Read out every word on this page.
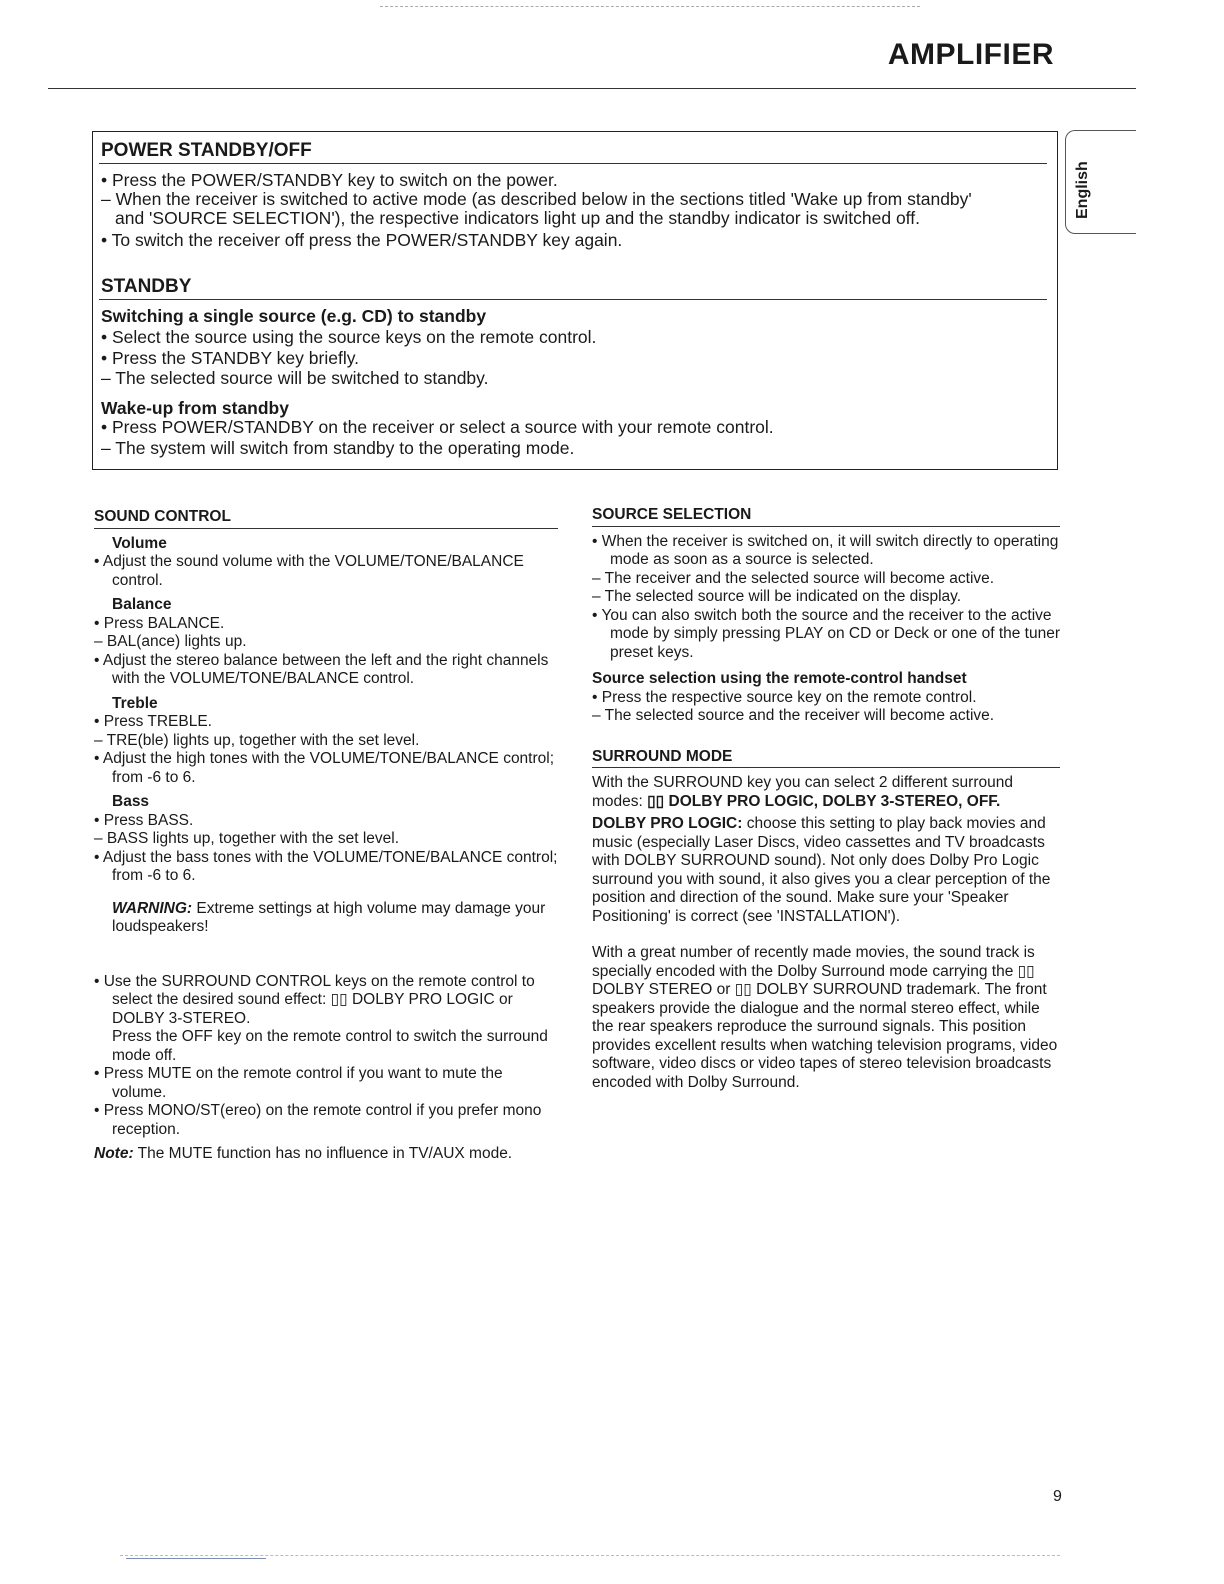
AMPLIFIER
POWER STANDBY/OFF
• Press the POWER/STANDBY key to switch on the power.
– When the receiver is switched to active mode (as described below in the sections titled 'Wake up from standby'
and 'SOURCE SELECTION'), the respective indicators light up and the standby indicator is switched off.
• To switch the receiver off press the POWER/STANDBY key again.
STANDBY
Switching a single source (e.g. CD) to standby
• Select the source using the source keys on the remote control.
• Press the STANDBY key briefly.
– The selected source will be switched to standby.
Wake-up from standby
• Press POWER/STANDBY on the receiver or select a source with your remote control.
– The system will switch from standby to the operating mode.
English
SOUND CONTROL
Volume
• Adjust the sound volume with the VOLUME/TONE/BALANCE control.
Balance
• Press BALANCE.
– BAL(ance) lights up.
• Adjust the stereo balance between the left and the right channels with the VOLUME/TONE/BALANCE control.
Treble
• Press TREBLE.
– TRE(ble) lights up, together with the set level.
• Adjust the high tones with the VOLUME/TONE/BALANCE control; from -6 to 6.
Bass
• Press BASS.
– BASS lights up, together with the set level.
• Adjust the bass tones with the VOLUME/TONE/BALANCE control; from -6 to 6.
WARNING: Extreme settings at high volume may damage your loudspeakers!
• Use the SURROUND CONTROL keys on the remote control to select the desired sound effect: ▯▯ DOLBY PRO LOGIC or DOLBY 3-STEREO.
Press the OFF key on the remote control to switch the surround mode off.
• Press MUTE on the remote control if you want to mute the volume.
• Press MONO/ST(ereo) on the remote control if you prefer mono reception.
Note: The MUTE function has no influence in TV/AUX mode.
SOURCE SELECTION
• When the receiver is switched on, it will switch directly to operating mode as soon as a source is selected.
– The receiver and the selected source will become active.
– The selected source will be indicated on the display.
• You can also switch both the source and the receiver to the active mode by simply pressing PLAY on CD or Deck or one of the tuner preset keys.
Source selection using the remote-control handset
• Press the respective source key on the remote control.
– The selected source and the receiver will become active.
SURROUND MODE
With the SURROUND key you can select 2 different surround modes: ▯▯ DOLBY PRO LOGIC, DOLBY 3-STEREO, OFF.
DOLBY PRO LOGIC: choose this setting to play back movies and music (especially Laser Discs, video cassettes and TV broadcasts with DOLBY SURROUND sound). Not only does Dolby Pro Logic surround you with sound, it also gives you a clear perception of the position and direction of the sound. Make sure your 'Speaker Positioning' is correct (see 'INSTALLATION').
With a great number of recently made movies, the sound track is specially encoded with the Dolby Surround mode carrying the ▯▯ DOLBY STEREO or ▯▯ DOLBY SURROUND trademark. The front speakers provide the dialogue and the normal stereo effect, while the rear speakers reproduce the surround signals. This position provides excellent results when watching television programs, video software, video discs or video tapes of stereo television broadcasts encoded with Dolby Surround.
9
